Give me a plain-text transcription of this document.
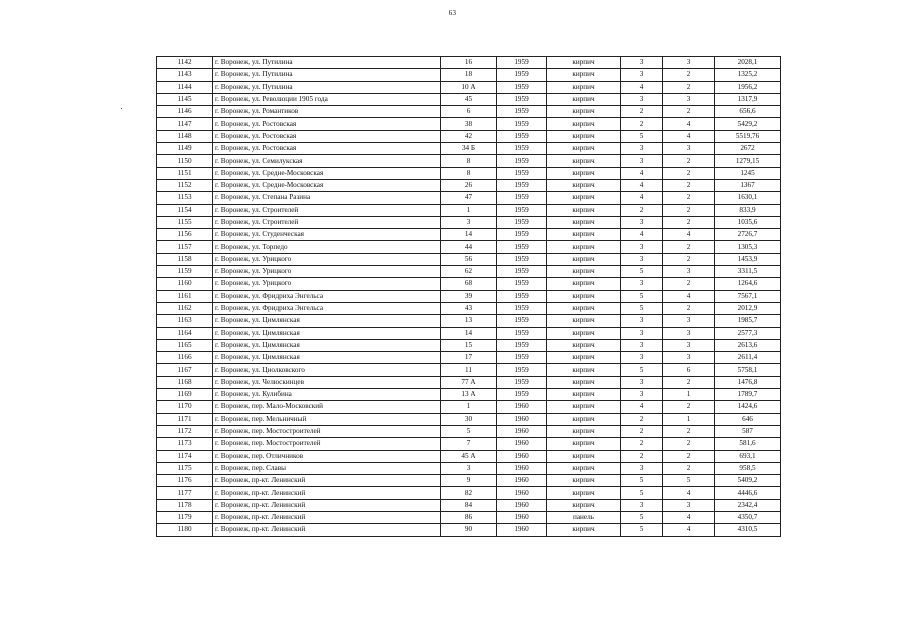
63
1142	г. Воронеж, ул. Путилина	16	1959	кирпич	3	3	2028,1
1143	г. Воронеж, ул. Путилина	18	1959	кирпич	3	2	1325,2
1144	г. Воронеж, ул. Путилина	10 А	1959	кирпич	4	2	1956,2
1145	г. Воронеж, ул. Революции 1905 года	45	1959	кирпич	3	3	1317,9
1146	г. Воронеж, ул. Романтиков	6	1959	кирпич	2	2	656,6
1147	г. Воронеж, ул. Ростовская	38	1959	кирпич	2	4	5429,2
1148	г. Воронеж, ул. Ростовская	42	1959	кирпич	5	4	5519,76
1149	г. Воронеж, ул. Ростовская	34 Б	1959	кирпич	3	3	2672
1150	г. Воронеж, ул. Семилукская	8	1959	кирпич	3	2	1279,15
1151	г. Воронеж, ул. Средне-Московская	8	1959	кирпич	4	2	1245
1152	г. Воронеж, ул. Средне-Московская	26	1959	кирпич	4	2	1367
1153	г. Воронеж, ул. Степана Разина	47	1959	кирпич	4	2	1630,1
1154	г. Воронеж, ул. Строителей	1	1959	кирпич	2	2	833,9
1155	г. Воронеж, ул. Строителей	3	1959	кирпич	3	2	1035,6
1156	г. Воронеж, ул. Студенческая	14	1959	кирпич	4	4	2726,7
1157	г. Воронеж, ул. Торпедо	44	1959	кирпич	3	2	1305,3
1158	г. Воронеж, ул. Урицкого	56	1959	кирпич	3	2	1453,9
1159	г. Воронеж, ул. Урицкого	62	1959	кирпич	5	3	3311,5
1160	г. Воронеж, ул. Урицкого	68	1959	кирпич	3	2	1264,6
1161	г. Воронеж, ул. Фридриха Энгельса	39	1959	кирпич	5	4	7567,1
1162	г. Воронеж, ул. Фридриха Энгельса	43	1959	кирпич	5	2	2012,9
1163	г. Воронеж, ул. Цимлянская	13	1959	кирпич	3	3	1985,7
1164	г. Воронеж, ул. Цимлянская	14	1959	кирпич	3	3	2577,3
1165	г. Воронеж, ул. Цимлянская	15	1959	кирпич	3	3	2613,6
1166	г. Воронеж, ул. Цимлянская	17	1959	кирпич	3	3	2611,4
1167	г. Воронеж, ул. Циолковского	11	1959	кирпич	5	6	5758,1
1168	г. Воронеж, ул. Челюскинцев	77 А	1959	кирпич	3	2	1476,8
1169	г. Воронеж, ул. Кулибина	13 А	1959	кирпич	3	1	1789,7
1170	г. Воронеж, пер. Мало-Московский	1	1960	кирпич	4	2	1424,6
1171	г. Воронеж, пер. Мельничный	30	1960	кирпич	2	1	646
1172	г. Воронеж, пер. Мостостроителей	5	1960	кирпич	2	2	587
1173	г. Воронеж, пер. Мостостроителей	7	1960	кирпич	2	2	581,6
1174	г. Воронеж, пер. Отличников	45 А	1960	кирпич	2	2	693,1
1175	г. Воронеж, пер. Славы	3	1960	кирпич	3	2	958,5
1176	г. Воронеж, пр-кт. Ленинский	9	1960	кирпич	5	5	5409,2
1177	г. Воронеж, пр-кт. Ленинский	82	1960	кирпич	5	4	4446,6
1178	г. Воронеж, пр-кт. Ленинский	84	1960	кирпич	3	3	2342,4
1179	г. Воронеж, пр-кт. Ленинский	86	1960	панель	5	4	4350,7
1180	г. Воронеж, пр-кт. Ленинский	90	1960	кирпич	5	4	4310,5
